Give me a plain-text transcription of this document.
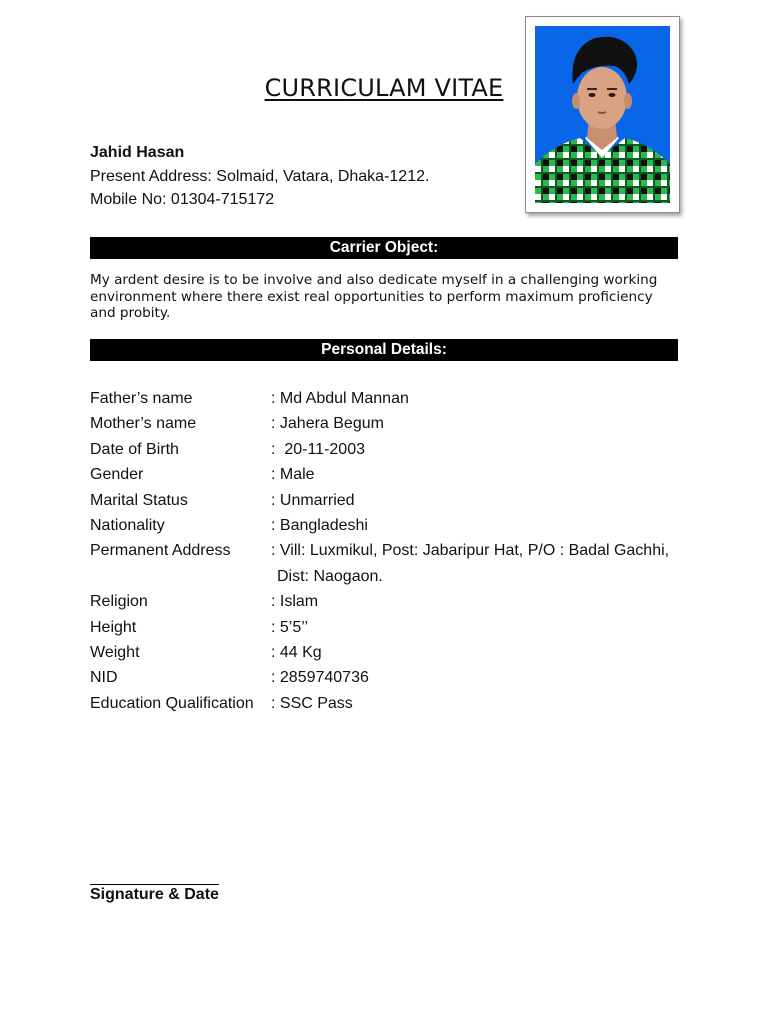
CURRICULAM VITAE
Jahid Hasan
Present Address: Solmaid, Vatara, Dhaka-1212.
Mobile No: 01304-715172
Carrier Object:
My ardent desire is to be involve and also dedicate myself in a challenging working environment where there exist real opportunities to perform maximum proficiency and probity.
Personal Details:
Father’s name	: Md Abdul Mannan
Mother’s name	: Jahera Begum
Date of Birth	:  20-11-2003
Gender	: Male
Marital Status	: Unmarried
Nationality	: Bangladeshi
Permanent Address	: Vill: Luxmikul, Post: Jabaripur Hat, P/O : Badal Gachhi,
Dist: Naogaon.
Religion	: Islam
Height	: 5’5’’
Weight	: 44 Kg
NID	: 2859740736
Education Qualification	: SSC Pass
Signature & Date
